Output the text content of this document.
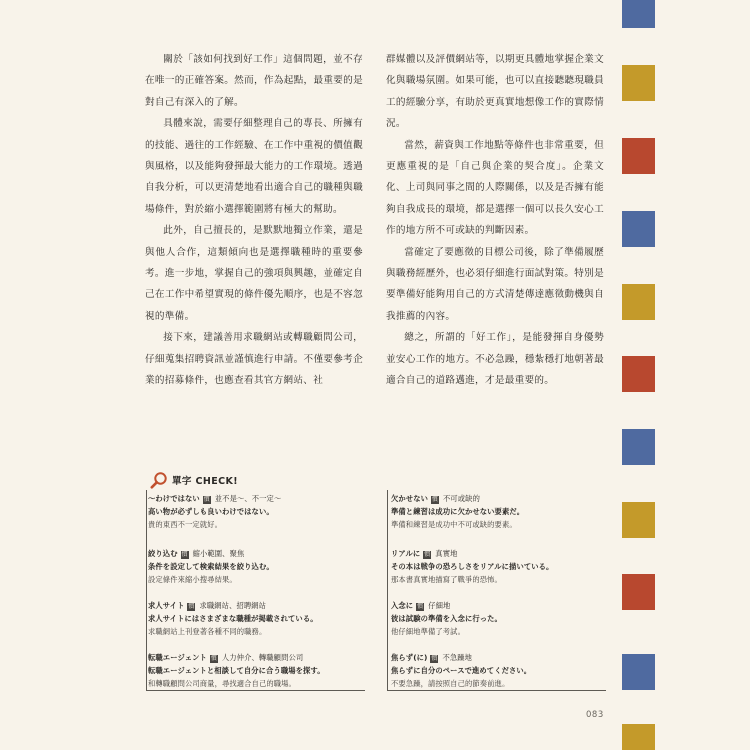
關於「該如何找到好工作」這個問題，並不存在唯一的正確答案。然而，作為起點，最重要的是對自己有深入的了解。

具體來說，需要仔細整理自己的專長、所擁有的技能、過往的工作經驗、在工作中重視的價值觀與風格，以及能夠發揮最大能力的工作環境。透過自我分析，可以更清楚地看出適合自己的職種與職場條件，對於縮小選擇範圍將有極大的幫助。

此外，自己擅長的，是默默地獨立作業，還是與他人合作，這類傾向也是選擇職種時的重要參考。進一步地，掌握自己的強項與興趣，並確定自己在工作中希望實現的條件優先順序，也是不容忽視的準備。

接下來，建議善用求職網站或轉職顧問公司，仔細蒐集招聘資訊並謹慎進行申請。不僅要參考企業的招募條件，也應查看其官方網站、社

群媒體以及評價網站等，以期更具體地掌握企業文化與職場氛圍。如果可能，也可以直接聽聽現職員工的經驗分享，有助於更真實地想像工作的實際情況。

當然，薪資與工作地點等條件也非常重要，但更應重視的是「自己與企業的契合度」。企業文化、上司與同事之間的人際關係，以及是否擁有能夠自我成長的環境，都是選擇一個可以長久安心工作的地方所不可或缺的判斷因素。

當確定了要應徵的目標公司後，除了準備履歷與職務經歷外，也必須仔細進行面試對策。特別是要準備好能夠用自己的方式清楚傳達應徵動機與自我推薦的內容。

總之，所謂的「好工作」，是能發揮自身優勢並安心工作的地方。不必急躁，穩紮穩打地朝著最適合自己的道路邁進，才是最重要的。

單字 CHECK!
〜わけではない 慣 並不是〜、不一定〜
高い物が必ずしも良いわけではない。
貴的東西不一定就好。
絞り込む 慣 縮小範圍、聚焦
条件を設定して検索結果を絞り込む。
設定條件來縮小搜尋結果。
求人サイト 慣 求職網站、招聘網站
求人サイトにはさまざまな職種が掲載されている。
求職網站上刊登著各種不同的職務。
転職エージェント 慣 人力仲介、轉職顧問公司
転職エージェントと相談して自分に合う職場を探す。
和轉職顧問公司商量，尋找適合自己的職場。
欠かせない 慣 不可或缺的
準備と練習は成功に欠かせない要素だ。
準備和練習是成功中不可或缺的要素。
リアルに 慣 真實地
その本は戦争の恐ろしさをリアルに描いている。
那本書真實地描寫了戰爭的恐怖。
入念に 慣 仔細地
彼は試験の準備を入念に行った。
他仔細地準備了考試。
焦らず(に) 慣 不急躁地
焦らずに自分のペースで進めてください。
不要急躁，請按照自己的節奏前進。
083
